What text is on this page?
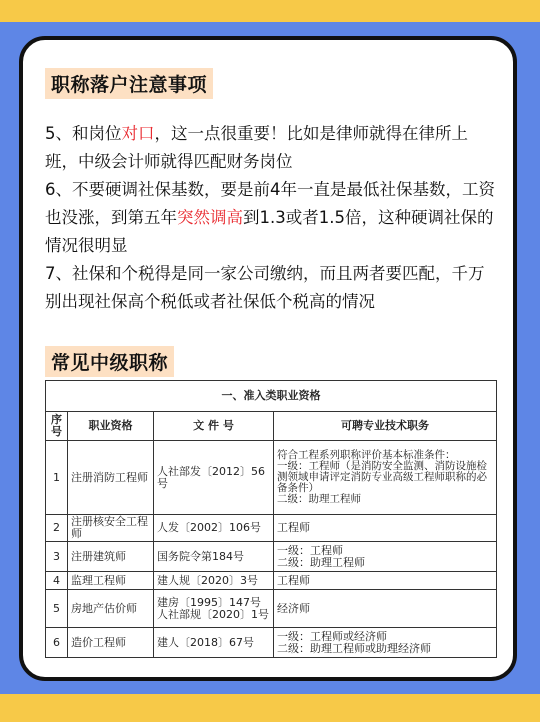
职称落户注意事项

5、和岗位对口，这一点很重要！比如是律师就得在律所上班，中级会计师就得匹配财务岗位

6、不要硬调社保基数，要是前4年一直是最低社保基数，工资也没涨，到第五年突然调高到1.3或者1.5倍，这种硬调社保的情况很明显

7、社保和个税得是同一家公司缴纳，而且两者要匹配，千万别出现社保高个税低或者社保低个税高的情况

常见中级职称
一、准入类职业资格			
序号	职业资格	文 件 号	可聘专业技术职务
1	注册消防工程师	人社部发〔2012〕56号	符合工程系列职称评价基本标准条件：
一级：工程师（是消防安全监测、消防设施检测领域申请评定消防专业高级工程师职称的必备条件）
二级：助理工程师
2	注册核安全工程师	人发〔2002〕106号	工程师
3	注册建筑师	国务院令第184号	一级：工程师
二级：助理工程师
4	监理工程师	建人规〔2020〕3号	工程师
5	房地产估价师	建房〔1995〕147号
人社部规〔2020〕1号	经济师
6	造价工程师	建人〔2018〕67号	一级：工程师或经济师
二级：助理工程师或助理经济师
